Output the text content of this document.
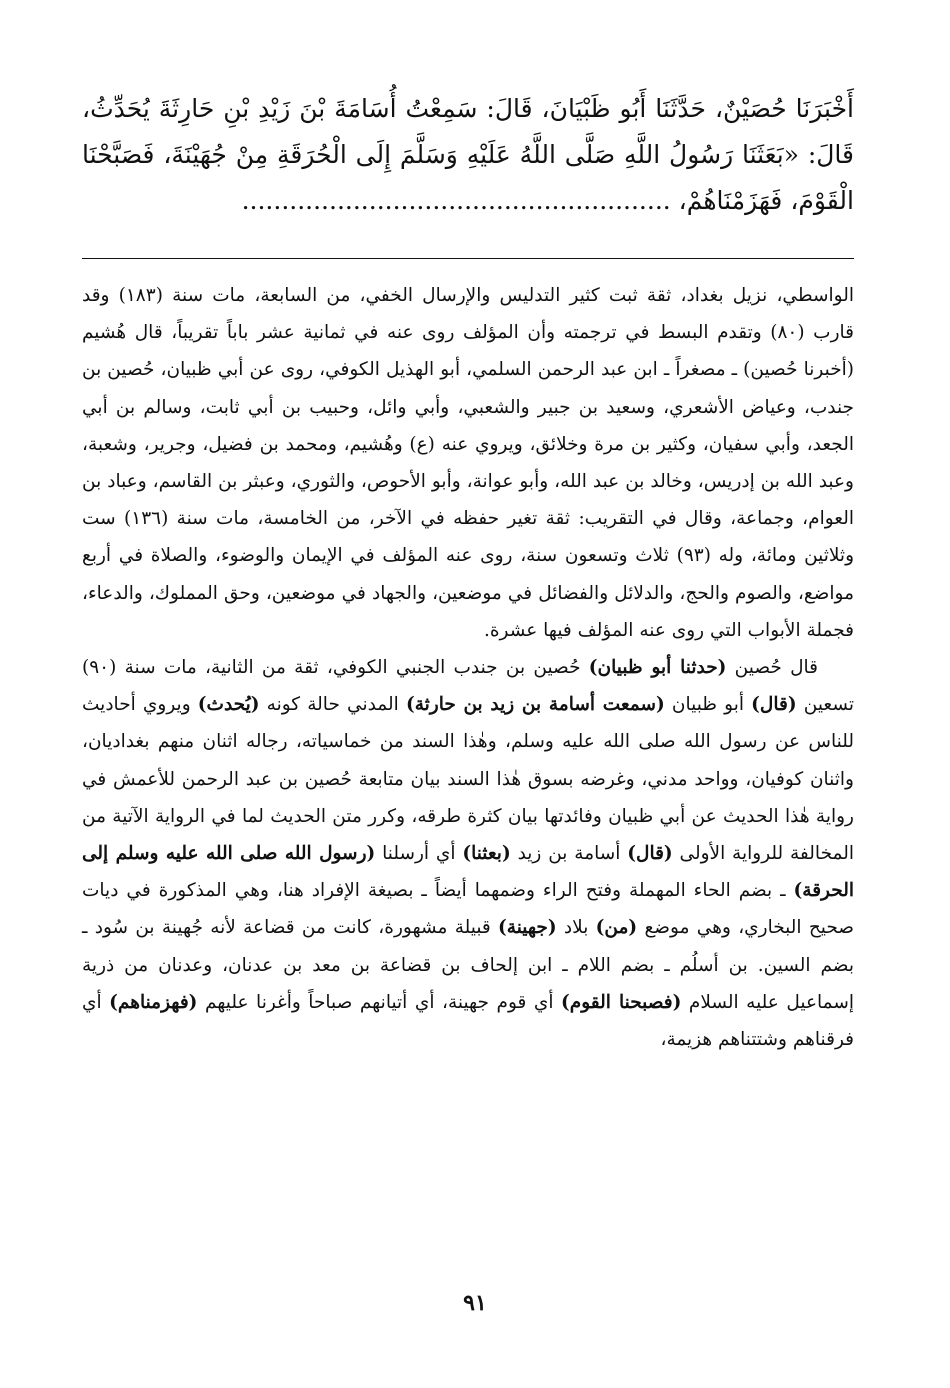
أَخْبَرَنَا حُصَيْنٌ، حَدَّثَنَا أَبُو ظَبْيَانَ، قَالَ: سَمِعْتُ أُسَامَةَ بْنَ زَيْدِ بْنِ حَارِثَةَ يُحَدِّثُ، قَالَ: «بَعَثَنَا رَسُولُ اللَّهِ صَلَّى اللَّهُ عَلَيْهِ وَسَلَّمَ إِلَى الْحُرَقَةِ مِنْ جُهَيْنَةَ، فَصَبَّحْنَا الْقَوْمَ، فَهَزَمْنَاهُمْ، ......................................................

الواسطي، نزيل بغداد، ثقة ثبت كثير التدليس والإرسال الخفي، من السابعة، مات سنة (١٨٣) وقد قارب (٨٠) وتقدم البسط في ترجمته وأن المؤلف روى عنه في ثمانية عشر باباً تقريباً، قال هُشيم (أخبرنا حُصين) ـ مصغراً ـ ابن عبد الرحمن السلمي، أبو الهذيل الكوفي، روى عن أبي ظبيان، حُصين بن جندب، وعياض الأشعري، وسعيد بن جبير والشعبي، وأبي وائل، وحبيب بن أبي ثابت، وسالم بن أبي الجعد، وأبي سفيان، وكثير بن مرة وخلائق، ويروي عنه (ع) وهُشيم، ومحمد بن فضيل، وجرير، وشعبة، وعبد الله بن إدريس، وخالد بن عبد الله، وأبو عوانة، وأبو الأحوص، والثوري، وعبثر بن القاسم، وعباد بن العوام، وجماعة، وقال في التقريب: ثقة تغير حفظه في الآخر، من الخامسة، مات سنة (١٣٦) ست وثلاثين ومائة، وله (٩٣) ثلاث وتسعون سنة، روى عنه المؤلف في الإيمان والوضوء، والصلاة في أربع مواضع، والصوم والحج، والدلائل والفضائل في موضعين، والجهاد في موضعين، وحق المملوك، والدعاء، فجملة الأبواب التي روى عنه المؤلف فيها عشرة.

قال حُصين (حدثنا أبو ظبيان) حُصين بن جندب الجنبي الكوفي، ثقة من الثانية، مات سنة (٩٠) تسعين (قال) أبو ظبيان (سمعت أسامة بن زيد بن حارثة) المدني حالة كونه (يُحدث) ويروي أحاديث للناس عن رسول الله صلى الله عليه وسلم، وهٰذا السند من خماسياته، رجاله اثنان منهم بغداديان، واثنان كوفيان، وواحد مدني، وغرضه بسوق هٰذا السند بيان متابعة حُصين بن عبد الرحمن للأعمش في رواية هٰذا الحديث عن أبي ظبيان وفائدتها بيان كثرة طرقه، وكرر متن الحديث لما في الرواية الآتية من المخالفة للرواية الأولى (قال) أسامة بن زيد (بعثنا) أي أرسلنا (رسول الله صلى الله عليه وسلم إلى الحرقة) ـ بضم الحاء المهملة وفتح الراء وضمهما أيضاً ـ بصيغة الإفراد هنا، وهي المذكورة في ديات صحيح البخاري، وهي موضع (من) بلاد (جهينة) قبيلة مشهورة، كانت من قضاعة لأنه جُهينة بن سُود ـ بضم السين. بن أسلُم ـ بضم اللام ـ ابن إلحاف بن قضاعة بن معد بن عدنان، وعدنان من ذرية إسماعيل عليه السلام (فصبحنا القوم) أي قوم جهينة، أي أتيانهم صباحاً وأغرنا عليهم (فهزمناهم) أي فرقناهم وشتتناهم هزيمة،

٩١
